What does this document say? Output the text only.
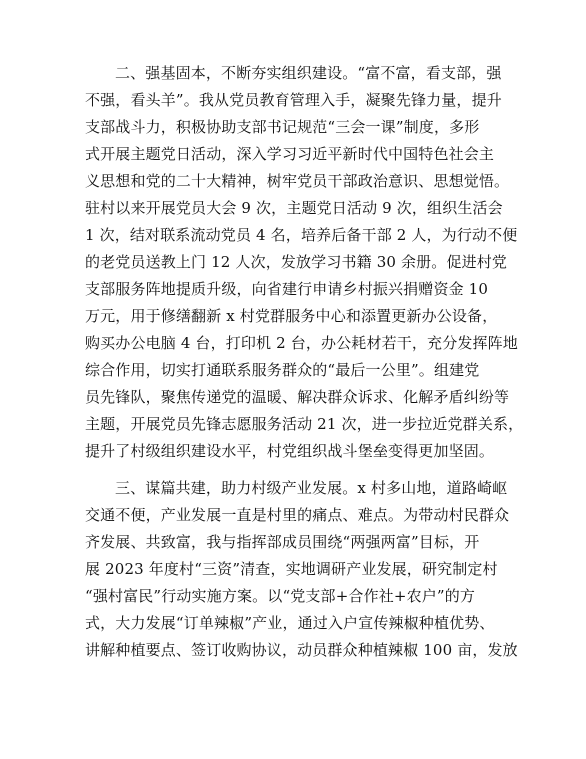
二、强基固本，不断夯实组织建设。“富不富，看支部，强
不强，看头羊”。我从党员教育管理入手，凝聚先锋力量，提升
支部战斗力，积极协助支部书记规范“三会一课”制度，多形
式开展主题党日活动，深入学习习近平新时代中国特色社会主
义思想和党的二十大精神，树牢党员干部政治意识、思想觉悟。
驻村以来开展党员大会 9 次，主题党日活动 9 次，组织生活会
1 次，结对联系流动党员 4 名，培养后备干部 2 人，为行动不便
的老党员送教上门 12 人次，发放学习书籍 30 余册。促进村党
支部服务阵地提质升级，向省建行申请乡村振兴捐赠资金 10
万元，用于修缮翻新 x 村党群服务中心和添置更新办公设备，
购买办公电脑 4 台，打印机 2 台，办公耗材若干，充分发挥阵地
综合作用，切实打通联系服务群众的“最后一公里”。组建党
员先锋队，聚焦传递党的温暖、解决群众诉求、化解矛盾纠纷等
主题，开展党员先锋志愿服务活动 21 次，进一步拉近党群关系，
提升了村级组织建设水平，村党组织战斗堡垒变得更加坚固。

三、谋篇共建，助力村级产业发展。x 村多山地，道路崎岖
交通不便，产业发展一直是村里的痛点、难点。为带动村民群众
齐发展、共致富，我与指挥部成员围绕“两强两富”目标，开
展 2023 年度村“三资”清查，实地调研产业发展，研究制定村
“强村富民”行动实施方案。以“党支部+合作社+农户”的方
式，大力发展“订单辣椒”产业，通过入户宣传辣椒种植优势、
讲解种植要点、签订收购协议，动员群众种植辣椒 100 亩，发放
